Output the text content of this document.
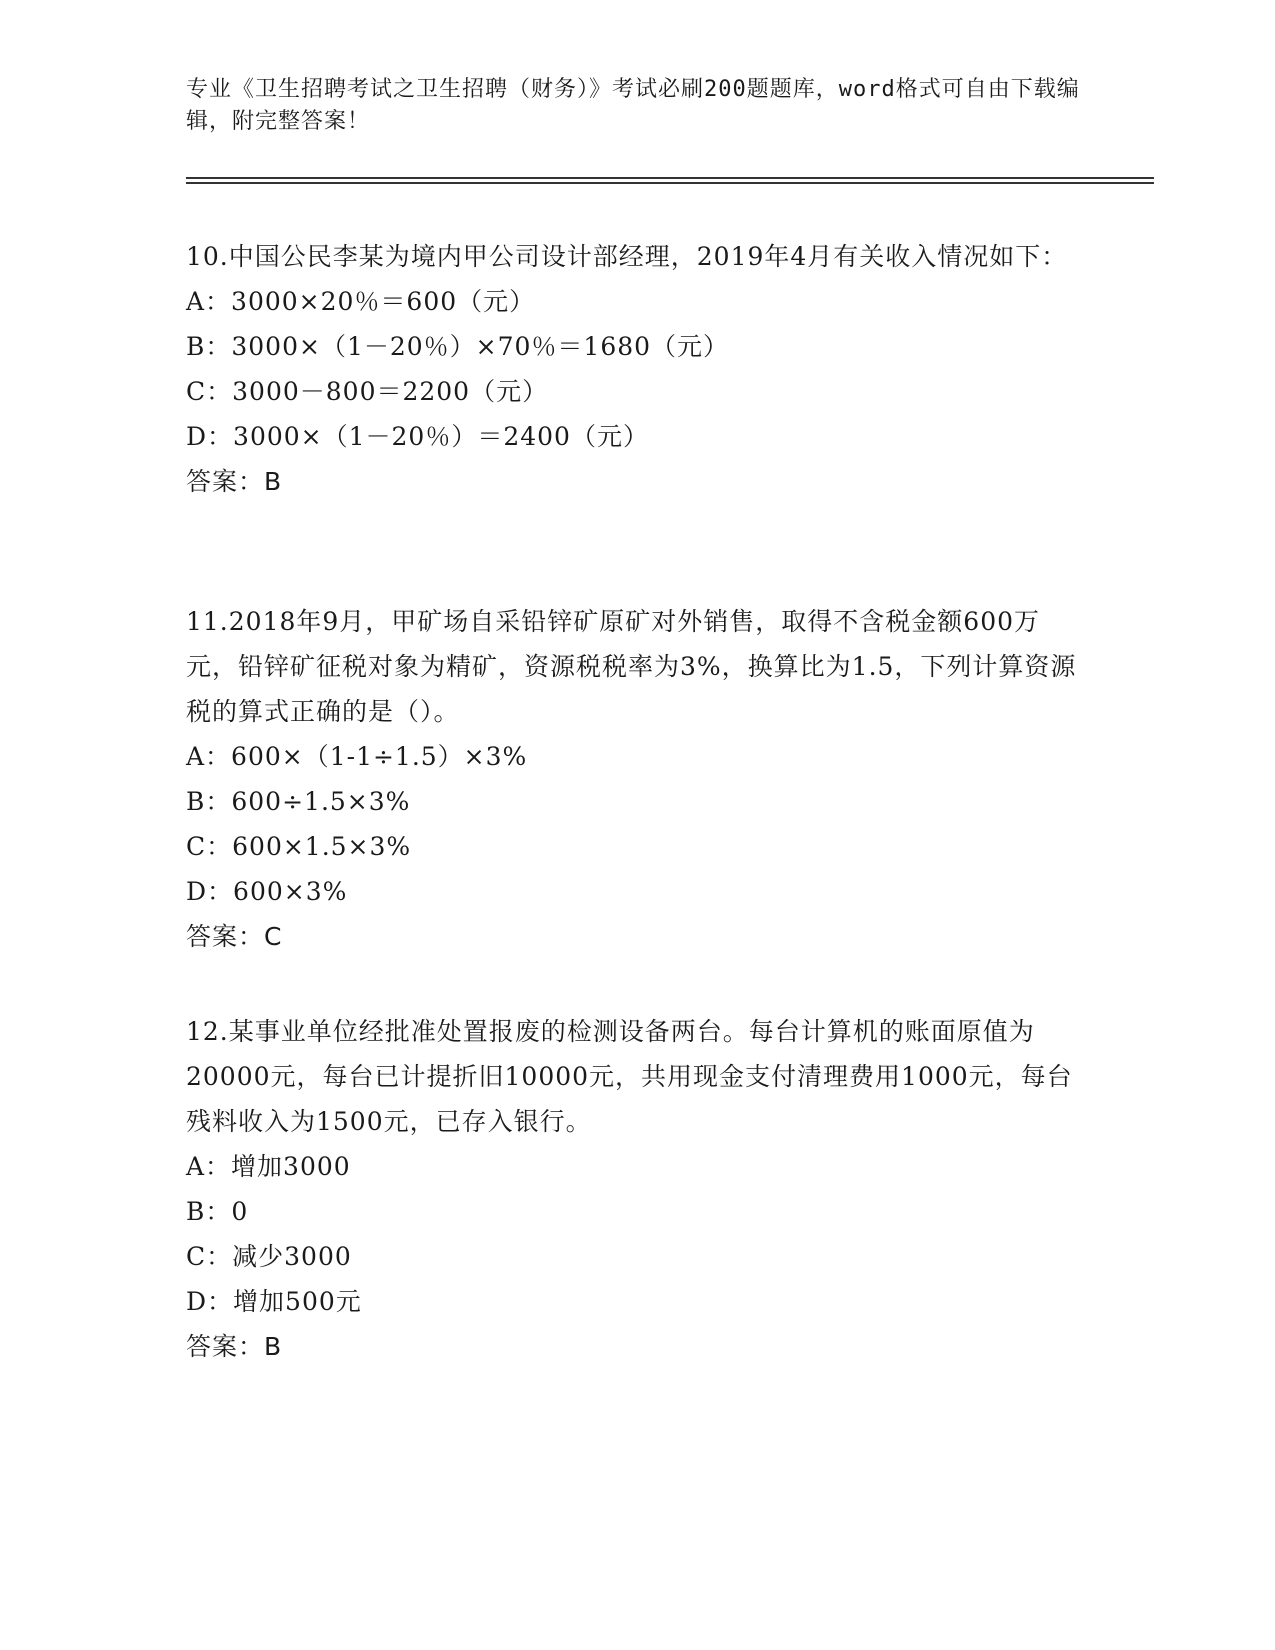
专业《卫生招聘考试之卫生招聘（财务）》考试必刷200题题库，word格式可自由下载编辑，附完整答案！
10.中国公民李某为境内甲公司设计部经理，2019年4月有关收入情况如下：
A：3000×20％＝600（元）
B：3000×（1－20％）×70％＝1680（元）
C：3000－800＝2200（元）
D：3000×（1－20％）＝2400（元）
答案：B
11.2018年9月，甲矿场自采铅锌矿原矿对外销售，取得不含税金额600万元，铅锌矿征税对象为精矿，资源税税率为3%，换算比为1.5，下列计算资源税的算式正确的是（）。
A：600×（1-1÷1.5）×3%
B：600÷1.5×3%
C：600×1.5×3%
D：600×3%
答案：C
12.某事业单位经批准处置报废的检测设备两台。每台计算机的账面原值为20000元，每台已计提折旧10000元，共用现金支付清理费用1000元，每台残料收入为1500元，已存入银行。
A：增加3000
B：0
C：减少3000
D：增加500元
答案：B
